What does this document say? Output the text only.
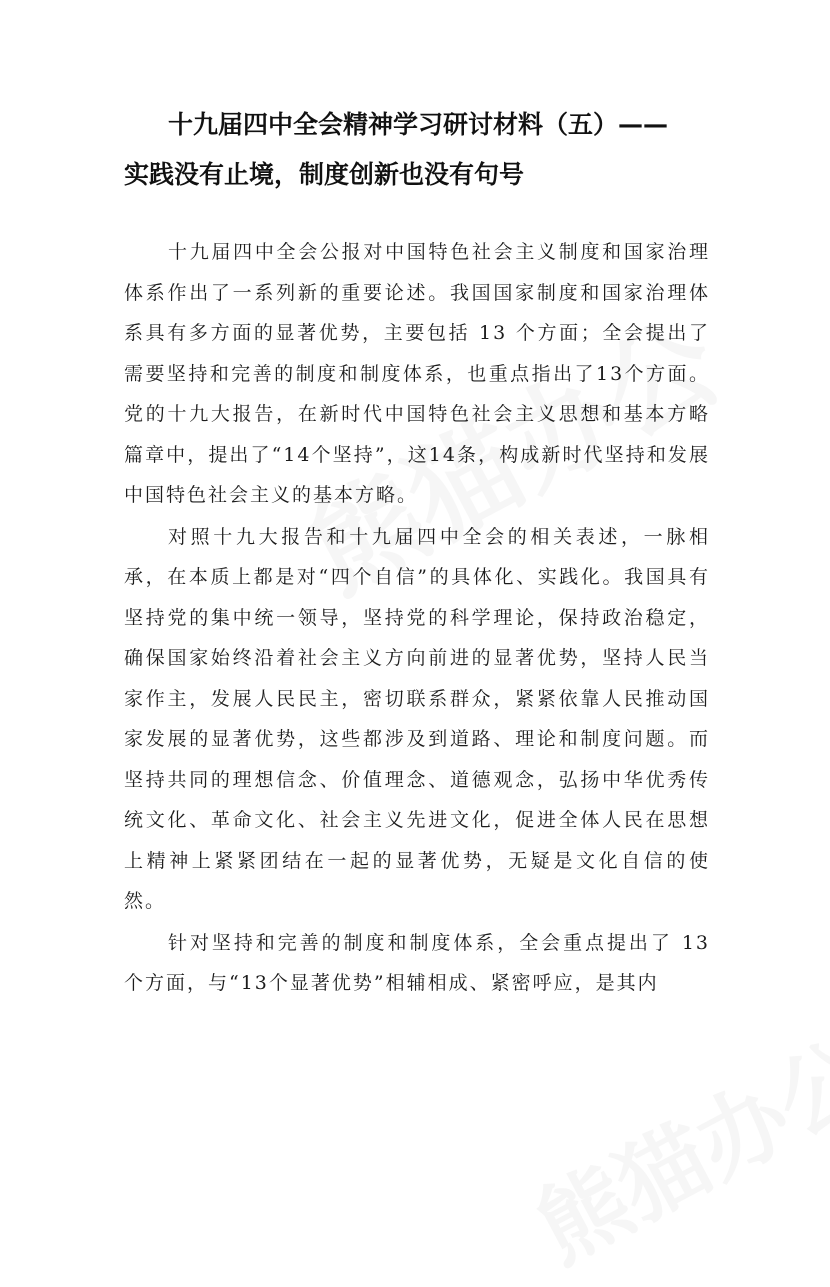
十九届四中全会精神学习研讨材料（五）——
实践没有止境，制度创新也没有句号

十九届四中全会公报对中国特色社会主义制度和国家治理体系作出了一系列新的重要论述。我国国家制度和国家治理体系具有多方面的显著优势，主要包括 13 个方面；全会提出了需要坚持和完善的制度和制度体系，也重点指出了13个方面。党的十九大报告，在新时代中国特色社会主义思想和基本方略篇章中，提出了“14个坚持”，这14条，构成新时代坚持和发展中国特色社会主义的基本方略。

对照十九大报告和十九届四中全会的相关表述，一脉相承，在本质上都是对“四个自信”的具体化、实践化。我国具有坚持党的集中统一领导，坚持党的科学理论，保持政治稳定，确保国家始终沿着社会主义方向前进的显著优势，坚持人民当家作主，发展人民民主，密切联系群众，紧紧依靠人民推动国家发展的显著优势，这些都涉及到道路、理论和制度问题。而坚持共同的理想信念、价值理念、道德观念，弘扬中华优秀传统文化、革命文化、社会主义先进文化，促进全体人民在思想上精神上紧紧团结在一起的显著优势，无疑是文化自信的使然。

针对坚持和完善的制度和制度体系，全会重点提出了 13 个方面，与“13个显著优势”相辅相成、紧密呼应，是其内
